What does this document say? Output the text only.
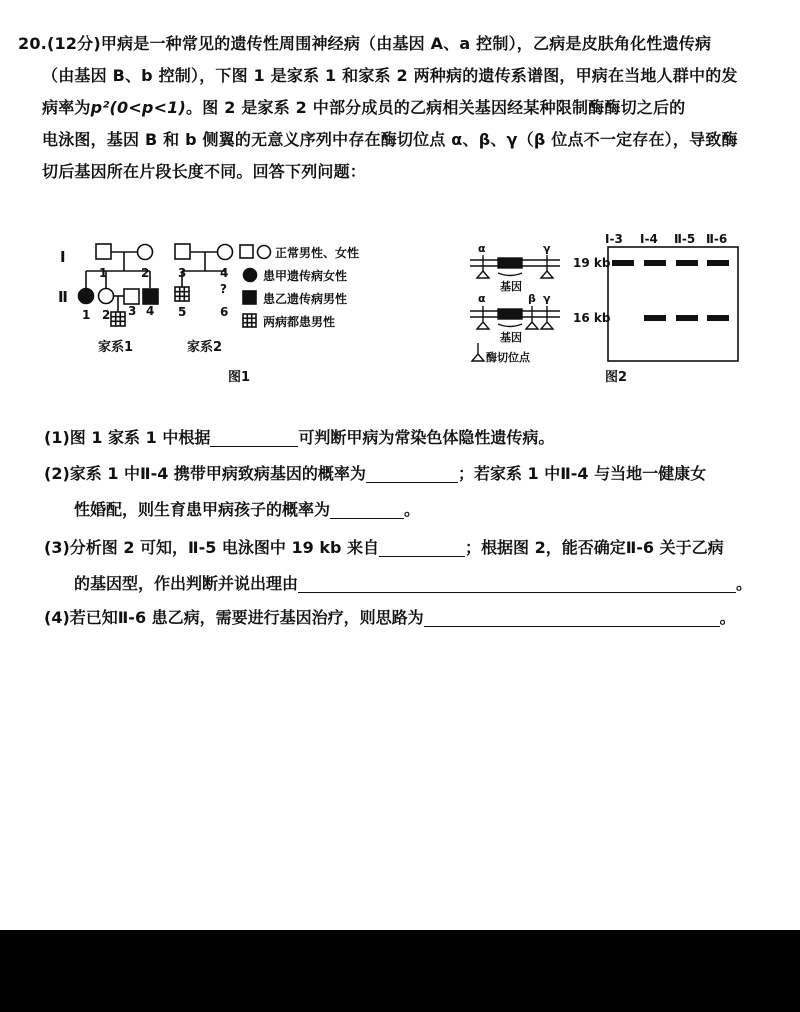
20.(12分)甲病是一种常见的遗传性周围神经病（由基因 A、a 控制），乙病是皮肤角化性遗传病
（由基因 B、b 控制），下图 1 是家系 1 和家系 2 两种病的遗传系谱图，甲病在当地人群中的发
病率为p²(0<p<1)。图 2 是家系 2 中部分成员的乙病相关基因经某种限制酶酶切之后的
电泳图，基因 B 和 b 侧翼的无意义序列中存在酶切位点 α、β、γ（β 位点不一定存在），导致酶
切后基因所在片段长度不同。回答下列问题：
Ⅰ
Ⅱ
1	2
1 2 3 4
家系1
3	4
5
?
6
家系2
正常男性、女性
患甲遗传病女性
患乙遗传病男性
两病都患男性
图1
α	γ
基因
α	β γ
基因
酶切位点
Ⅰ-3 Ⅰ-4 Ⅱ-5 Ⅱ-6
19 kb
16 kb
图2
(1)图 1 家系 1 中根据	可判断甲病为常染色体隐性遗传病。
(2)家系 1 中Ⅱ-4 携带甲病致病基因的概率为	；若家系 1 中Ⅱ-4 与当地一健康女
性婚配，则生育患甲病孩子的概率为	。
(3)分析图 2 可知，Ⅱ-5 电泳图中 19 kb 来自	；根据图 2，能否确定Ⅱ-6 关于乙病
的基因型，作出判断并说出理由	。
(4)若已知Ⅱ-6 患乙病，需要进行基因治疗，则思路为	。
